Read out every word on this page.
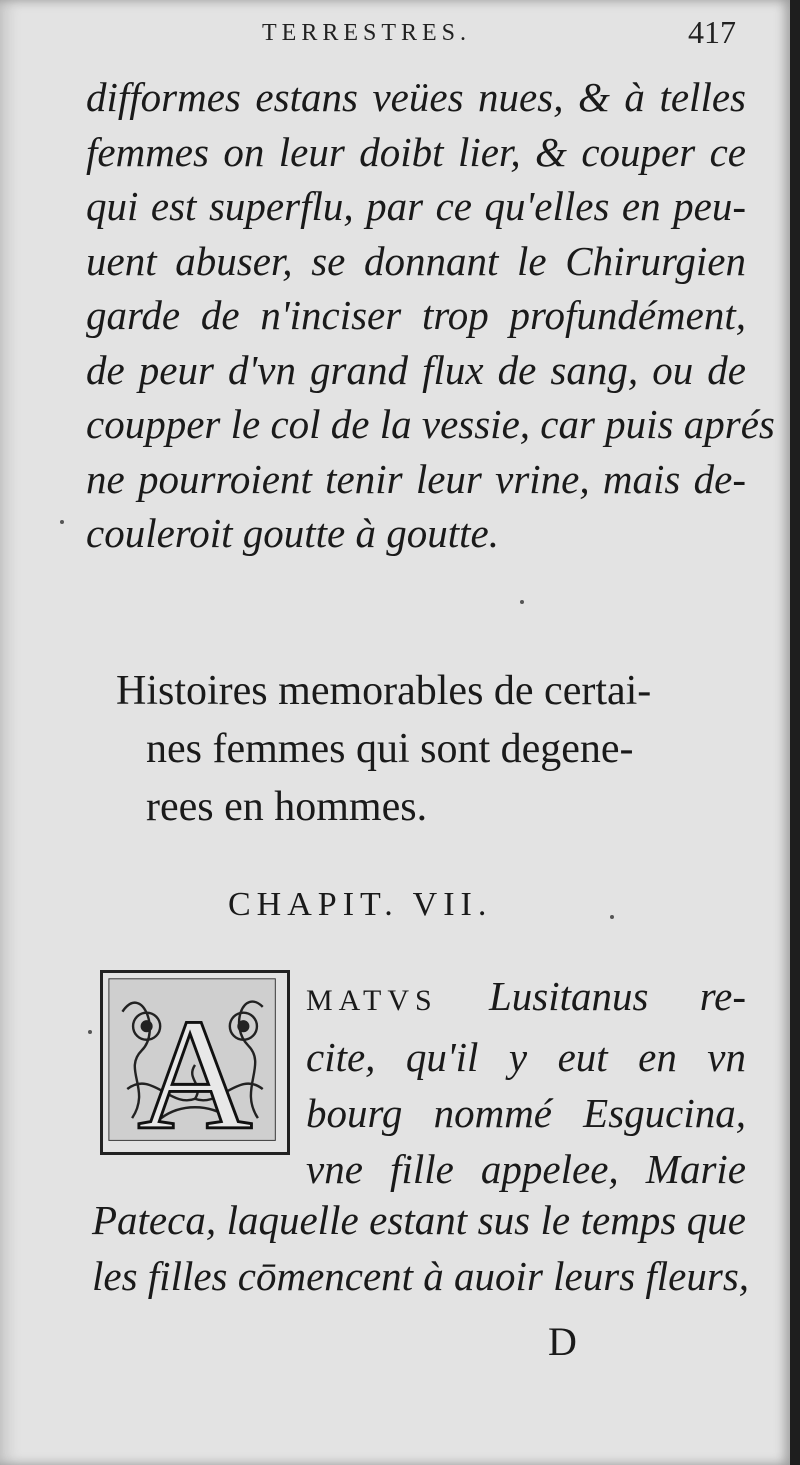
TERRESTRES.	417
difformes estans veües nues, & à telles
femmes on leur doibt lier, & couper ce
qui est superflu, par ce qu'elles en peu-
uent abuser, se donnant le Chirurgien
garde de n'inciser trop profundément,
de peur d'vn grand flux de sang, ou de
coupper le col de la vessie, car puis aprés
ne pourroient tenir leur vrine, mais de-
couleroit goutte à goutte.
Histoires memorables de certai-
nes femmes qui sont degene-
rees en hommes.
CHAPIT. VII.
A MATVS Lusitanus re-
cite, qu'il y eut en vn
bourg nommé Esgucina,
vne fille appelee, Marie
Pateca, laquelle estant sus le temps que
les filles cōmencent à auoir leurs fleurs,
D
